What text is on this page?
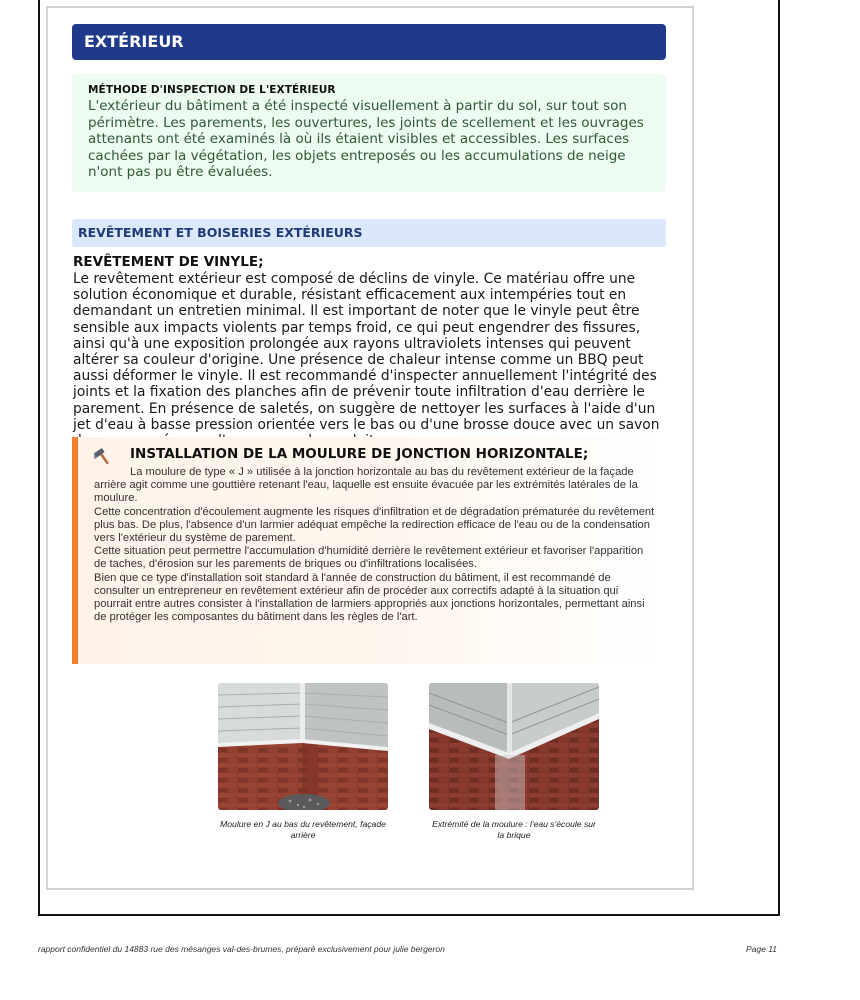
EXTÉRIEUR
MÉTHODE D'INSPECTION DE L'EXTÉRIEUR

L'extérieur du bâtiment a été inspecté visuellement à partir du sol, sur tout son périmètre. Les parements, les ouvertures, les joints de scellement et les ouvrages attenants ont été examinés là où ils étaient visibles et accessibles. Les surfaces cachées par la végétation, les objets entreposés ou les accumulations de neige n'ont pas pu être évaluées.

REVÊTEMENT ET BOISERIES EXTÉRIEURS
REVÊTEMENT DE VINYLE;

Le revêtement extérieur est composé de déclins de vinyle. Ce matériau offre une solution économique et durable, résistant efficacement aux intempéries tout en demandant un entretien minimal. Il est important de noter que le vinyle peut être sensible aux impacts violents par temps froid, ce qui peut engendrer des fissures, ainsi qu'à une exposition prolongée aux rayons ultraviolets intenses qui peuvent altérer sa couleur d'origine. Une présence de chaleur intense comme un BBQ peut aussi déformer le vinyle. Il est recommandé d'inspecter annuellement l'intégrité des joints et la fixation des planches afin de prévenir toute infiltration d'eau derrière le parement. En présence de saletés, on suggère de nettoyer les surfaces à l'aide d'un jet d'eau à basse pression orientée vers le bas ou d'une brosse douce avec un savon

INSTALLATION DE LA MOULURE DE JONCTION HORIZONTALE;

La moulure de type « J » utilisée à la jonction horizontale au bas du revêtement extérieur de la façade arrière agit comme une gouttière retenant l'eau, laquelle est ensuite évacuée par les extrémités latérales de la moulure.

Cette concentration d'écoulement augmente les risques d'infiltration et de dégradation prématurée du revêtement plus bas. De plus, l'absence d'un larmier adéquat empêche la redirection efficace de l'eau ou de la condensation vers l'extérieur du système de parement.

Cette situation peut permettre l'accumulation d'humidité derrière le revêtement extérieur et favoriser l'apparition de taches, d'érosion sur les parements de briques ou d'infiltrations localisées.

Bien que ce type d'installation soit standard à l'année de construction du bâtiment, il est recommandé de consulter un entrepreneur en revêtement extérieur afin de procéder aux correctifs adapté à la situation qui pourrait entre autres consister à l'installation de larmiers appropriés aux jonctions horizontales, permettant ainsi de protéger les composantes du bâtiment dans les règles de l'art.

Moulure en J au bas du revêtement, façade arrière
Extrémité de la moulure : l'eau s'écoule sur la brique
rapport confidentiel du 14883 rue des mésanges val-des-brumes, préparé exclusivement pour julie bergeron	Page 11
